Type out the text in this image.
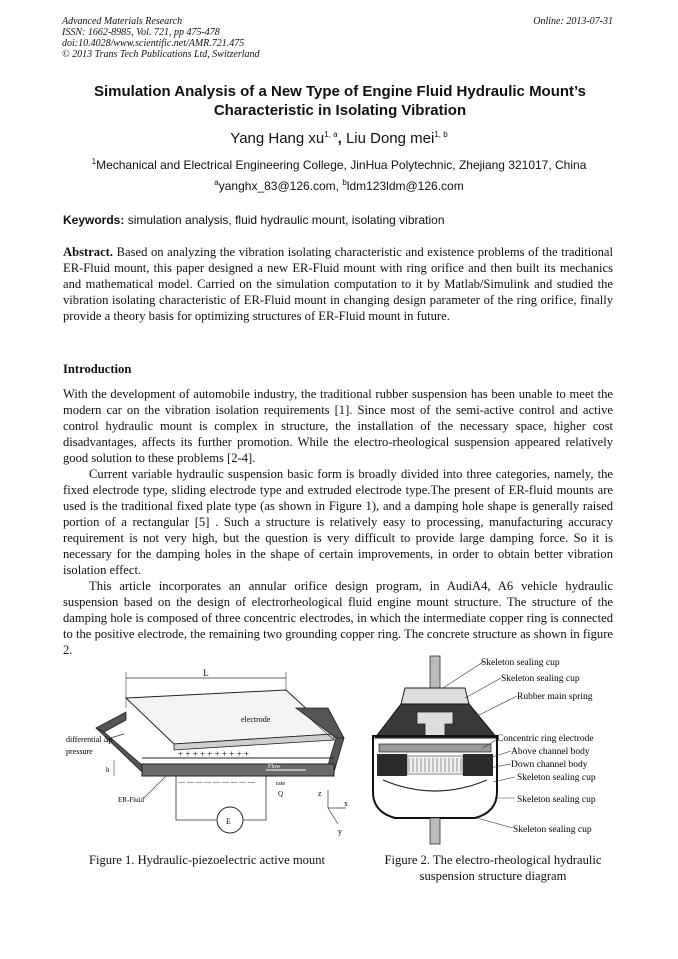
Advanced Materials Research
ISSN: 1662-8985, Vol. 721, pp 475-478
doi:10.4028/www.scientific.net/AMR.721.475
© 2013 Trans Tech Publications Ltd, Switzerland
Online: 2013-07-31
Simulation Analysis of a New Type of Engine Fluid Hydraulic Mount’s Characteristic in Isolating Vibration
Yang Hang xu$^{1, a}$, Liu Dong mei$^{1, b}$
$^1$Mechanical and Electrical Engineering College, JinHua Polytechnic, Zhejiang 321017, China
$^a$yanghx_83@126.com, $^b$ldm123ldm@126.com
Keywords: simulation analysis, fluid hydraulic mount, isolating vibration
Abstract. Based on analyzing the vibration isolating characteristic and existence problems of the traditional ER-Fluid mount, this paper designed a new ER-Fluid mount with ring orifice and then built its mechanics and mathematical model. Carried on the simulation computation to it by Matlab/Simulink and studied the vibration isolating characteristic of ER-Fluid mount in changing design parameter of the ring orifice, finally provide a theory basis for optimizing structures of ER-Fluid mount in future.
Introduction

With the development of automobile industry, the traditional rubber suspension has been unable to meet the modern car on the vibration isolation requirements [1]. Since most of the semi-active control and active control hydraulic mount is complex in structure, the installation of the necessary space, higher cost disadvantages, affects its further promotion. While the electro-rheological suspension appeared relatively good solution to these problems [2-4].

Current variable hydraulic suspension basic form is broadly divided into three categories, namely, the fixed electrode type, sliding electrode type and extruded electrode type.The present of ER-fluid mounts are used is the traditional fixed plate type (as shown in Figure 1), and a damping hole shape is generally raised portion of a rectangular [5] . Such a structure is relatively easy to processing, manufacturing accuracy requirement is not very high, but the question is very difficult to provide large damping force. So it is necessary for the damping holes in the shape of certain improvements, in order to obtain better vibration isolation effect.

This article incorporates an annular orifice design program, in AudiA4, A6 vehicle hydraulic suspension based on the design of electrorheological fluid engine mount structure. The structure of the damping hole is composed of three concentric electrodes, in which the intermediate copper ring is connected to the positive electrode, the remaining two grounding copper ring. The concrete structure as shown in figure 2.

L
electrode
+ + + + + + + + + +
— — — — — — — — —
Flow
rate
Q
differential Δp
pressure
h
E
ER-Fluid
z
x
y
Skeleton sealing cup
Skeleton sealing cup
Rubber main spring
Concentric ring electrode
Above channel body
Down channel body
Skeleton sealing cup
Skeleton sealing cup
Skeleton sealing cup
Figure 1. Hydraulic-piezoelectric active mount	Figure 2. The electro-rheological hydraulic suspension structure diagram
